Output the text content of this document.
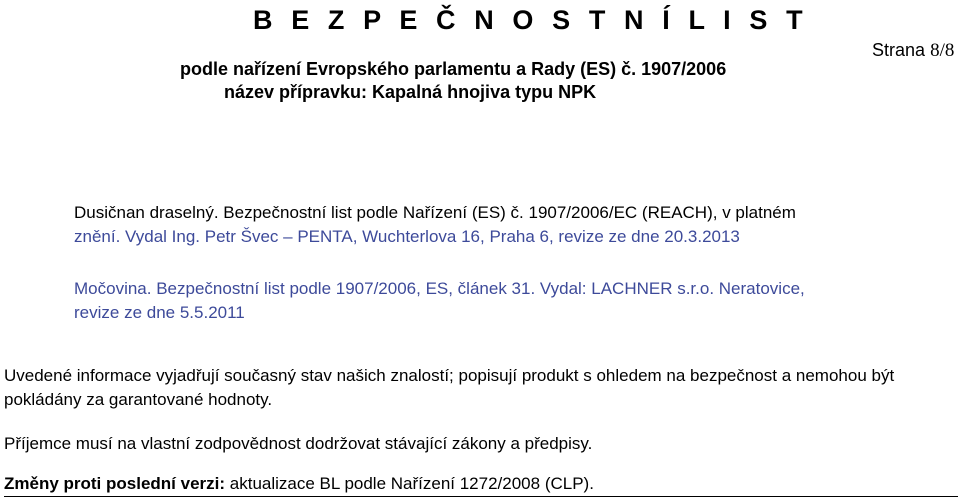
B E Z P E Č N O S T N Í L I S T
Strana 8/8
podle nařízení Evropského parlamentu a Rady (ES) č. 1907/2006
název přípravku: Kapalná hnojiva typu NPK
Dusičnan draselný. Bezpečnostní list podle Nařízení (ES) č. 1907/2006/EC (REACH), v platném
znění. Vydal Ing. Petr Švec – PENTA, Wuchterlova 16, Praha 6, revize ze dne 20.3.2013
Močovina. Bezpečnostní list podle 1907/2006, ES, článek 31. Vydal: LACHNER s.r.o. Neratovice,
revize ze dne 5.5.2011
Uvedené informace vyjadřují současný stav našich znalostí; popisují produkt s ohledem na bezpečnost a nemohou být pokládány za garantované hodnoty.
Příjemce musí na vlastní zodpovědnost dodržovat stávající zákony a předpisy.
Změny proti poslední verzi: aktualizace BL podle Nařízení 1272/2008 (CLP).
